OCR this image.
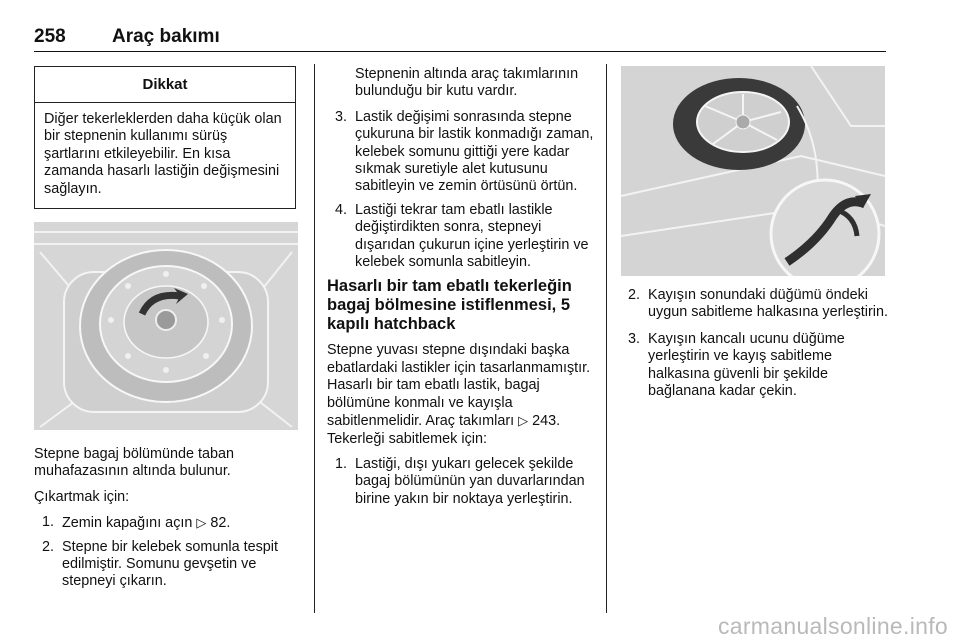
258 Araç bakımı
Dikkat
Diğer tekerleklerden daha küçük olan bir stepnenin kullanımı sürüş şartlarını etkileyebilir. En kısa zamanda hasarlı lastiğin değişmesini sağlayın.

Stepne bagaj bölümünde taban muhafazasının altında bulunur.

Çıkartmak için:

1. Zemin kapağını açın ▷ 82.
2. Stepne bir kelebek somunla tespit edilmiştir. Somunu gevşetin ve stepneyi çıkarın.

Stepnenin altında araç takımlarının bulunduğu bir kutu vardır.

3. Lastik değişimi sonrasında stepne çukuruna bir lastik konmadığı zaman, kelebek somunu gittiği yere kadar sıkmak suretiyle alet kutusunu sabitleyin ve zemin örtüsünü örtün.
4. Lastiği tekrar tam ebatlı lastikle değiştirdikten sonra, stepneyi dışarıdan çukurun içine yerleştirin ve kelebek somunla sabitleyin.
Hasarlı bir tam ebatlı tekerleğin bagaj bölmesine istiflenmesi, 5 kapılı hatchback

Stepne yuvası stepne dışındaki başka ebatlardaki lastikler için tasarlanmamıştır. Hasarlı bir tam ebatlı lastik, bagaj bölümüne konmalı ve kayışla sabitlenmelidir. Araç takımları ▷ 243. Tekerleği sabitlemek için:

1. Lastiği, dışı yukarı gelecek şekilde bagaj bölümünün yan duvarlarından birine yakın bir noktaya yerleştirin.
2. Kayışın sonundaki düğümü öndeki uygun sabitleme halkasına yerleştirin.
3. Kayışın kancalı ucunu düğüme yerleştirin ve kayış sabitleme halkasına güvenli bir şekilde bağlanana kadar çekin.
carmanualsonline.info
